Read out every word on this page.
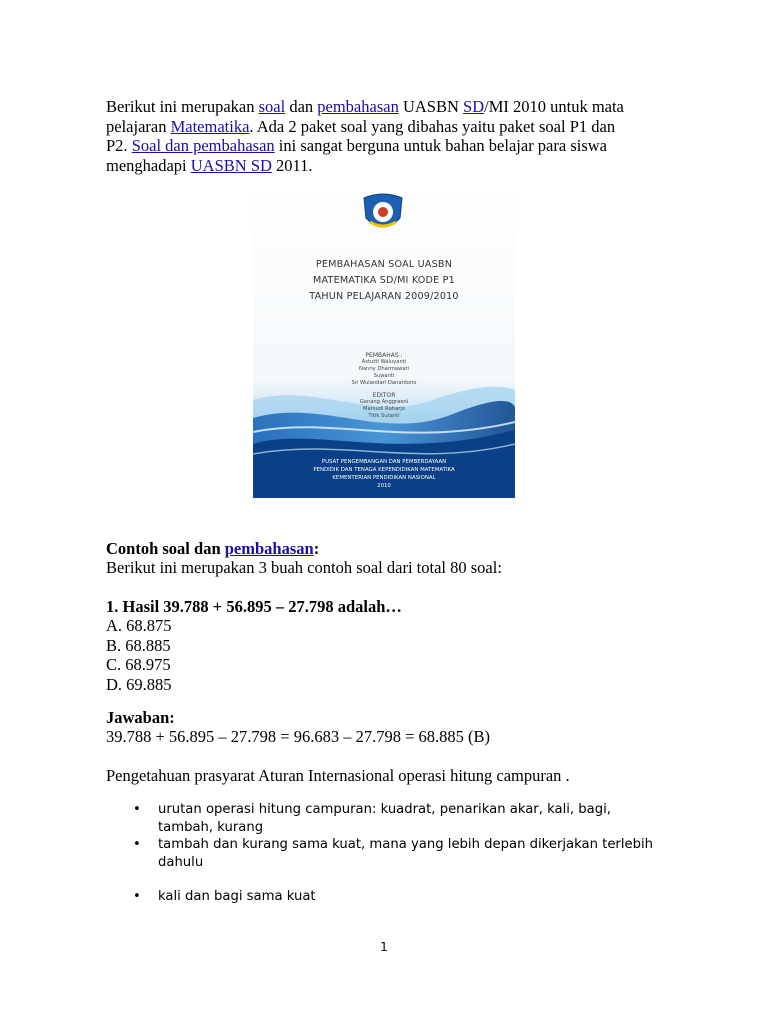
Berikut ini merupakan soal dan pembahasan UASBN SD/MI 2010 untuk mata
pelajaran Matematika. Ada 2 paket soal yang dibahas yaitu paket soal P1 dan
P2. Soal dan pembahasan ini sangat berguna untuk bahan belajar para siswa
menghadapi UASBN SD 2011.
PEMBAHASAN SOAL UASBN
MATEMATIKA SD/MI KODE P1
TAHUN PELAJARAN 2009/2010
PEMBAHAS :
Astutti Waluyanti
Nanny Dharmawati
Suwanti
Sri Wulandari Danardono
EDITOR
Ganang Anggraeni
Marsudi Raharjo
Titik Sutanti
PUSAT PENGEMBANGAN DAN PEMBERDAYAAN
PENDIDIK DAN TENAGA KEPENDIDIKAN MATEMATIKA
KEMENTERIAN PENDIDIKAN NASIONAL
2010
Contoh soal dan pembahasan:
Berikut ini merupakan 3 buah contoh soal dari total 80 soal:
1. Hasil 39.788 + 56.895 – 27.798 adalah…
A. 68.875
B. 68.885
C. 68.975
D. 69.885
Jawaban:
39.788 + 56.895 – 27.798 = 96.683 – 27.798 = 68.885 (B)
Pengetahuan prasyarat Aturan Internasional operasi hitung campuran .
• urutan operasi hitung campuran: kuadrat, penarikan akar, kali, bagi,
tambah, kurang
• tambah dan kurang sama kuat, mana yang lebih depan dikerjakan terlebih
dahulu
• kali dan bagi sama kuat
1
